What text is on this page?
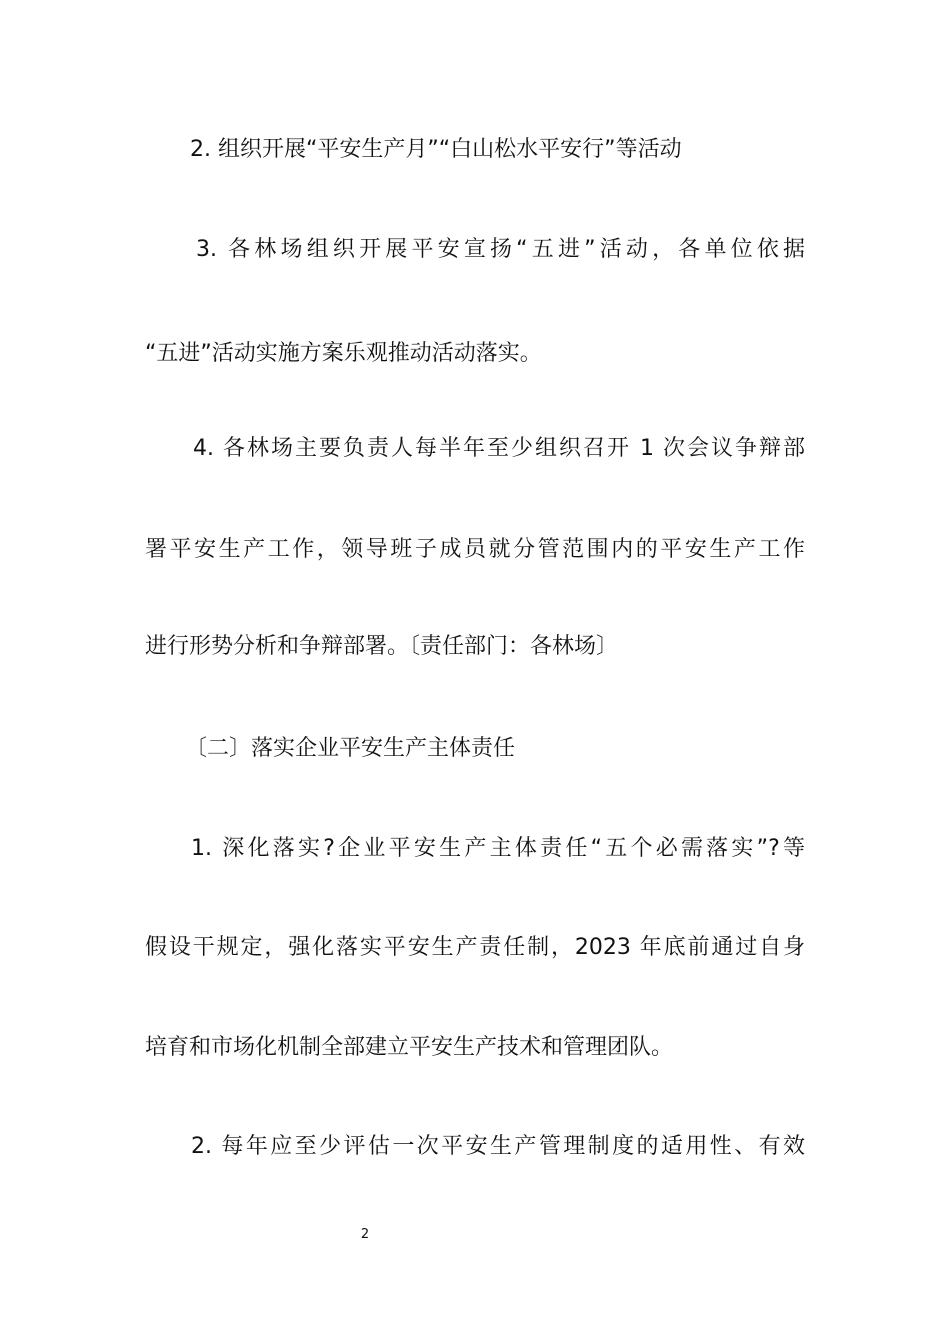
2. 组织开展“平安生产月”“白山松水平安行”等活动
3. 各林场组织开展平安宣扬“五进”活动，各单位依据
“五进”活动实施方案乐观推动活动落实。
4. 各林场主要负责人每半年至少组织召开 1 次会议争辩部
署平安生产工作，领导班子成员就分管范围内的平安生产工作
进行形势分析和争辩部署。〔责任部门：各林场〕
〔二〕落实企业平安生产主体责任
1. 深化落实?企业平安生产主体责任“五个必需落实”?等
假设干规定，强化落实平安生产责任制，2023 年底前通过自身
培育和市场化机制全部建立平安生产技术和管理团队。
2. 每年应至少评估一次平安生产管理制度的适用性、有效
2
